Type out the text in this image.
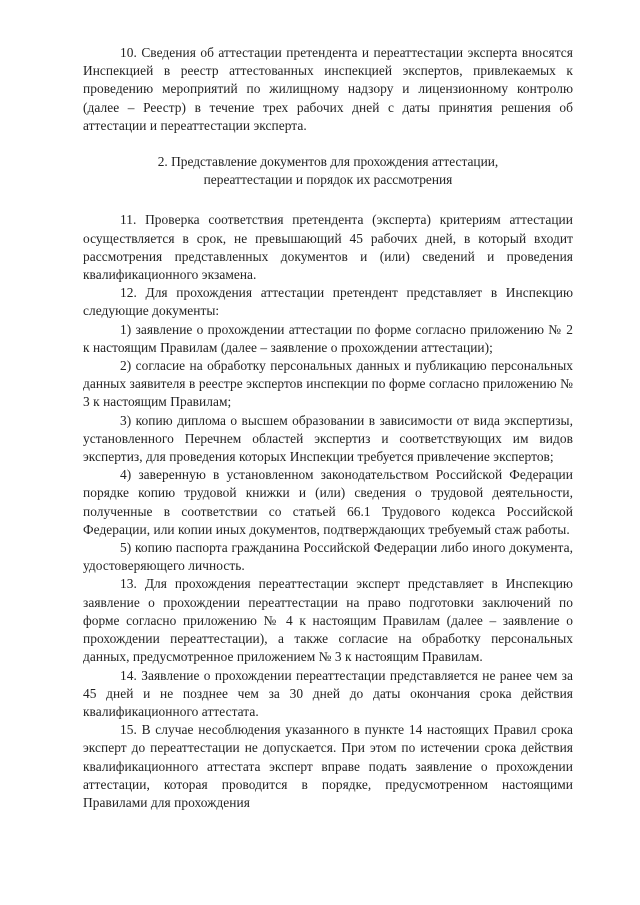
10. Сведения об аттестации претендента и переаттестации эксперта вносятся Инспекцией в реестр аттестованных инспекцией экспертов, привлекаемых к проведению мероприятий по жилищному надзору и лицензионному контролю (далее – Реестр) в течение трех рабочих дней с даты принятия решения об аттестации и переаттестации эксперта.

2. Представление документов для прохождения аттестации,
переаттестации и порядок их рассмотрения

11. Проверка соответствия претендента (эксперта) критериям аттестации осуществляется в срок, не превышающий 45 рабочих дней, в который входит рассмотрения представленных документов и (или) сведений и проведения квалификационного экзамена.

12. Для прохождения аттестации претендент представляет в Инспекцию следующие документы:

1) заявление о прохождении аттестации по форме согласно приложению № 2 к настоящим Правилам (далее – заявление о прохождении аттестации);

2) согласие на обработку персональных данных и публикацию персональных данных заявителя в реестре экспертов инспекции по форме согласно приложению № 3 к настоящим Правилам;

3) копию диплома о высшем образовании в зависимости от вида экспертизы, установленного Перечнем областей экспертиз и соответствующих им видов экспертиз, для проведения которых Инспекции требуется привлечение экспертов;

4) заверенную в установленном законодательством Российской Федерации порядке копию трудовой книжки и (или) сведения о трудовой деятельности, полученные в соответствии со статьей 66.1 Трудового кодекса Российской Федерации, или копии иных документов, подтверждающих требуемый стаж работы.

5) копию паспорта гражданина Российской Федерации либо иного документа, удостоверяющего личность.

13. Для прохождения переаттестации эксперт представляет в Инспекцию заявление о прохождении переаттестации на право подготовки заключений по форме согласно приложению № 4 к настоящим Правилам (далее – заявление о прохождении переаттестации), а также согласие на обработку персональных данных, предусмотренное приложением № 3 к настоящим Правилам.

14. Заявление о прохождении переаттестации представляется не ранее чем за 45 дней и не позднее чем за 30 дней до даты окончания срока действия квалификационного аттестата.

15. В случае несоблюдения указанного в пункте 14 настоящих Правил срока эксперт до переаттестации не допускается. При этом по истечении срока действия квалификационного аттестата эксперт вправе подать заявление о прохождении аттестации, которая проводится в порядке, предусмотренном настоящими Правилами для прохождения
